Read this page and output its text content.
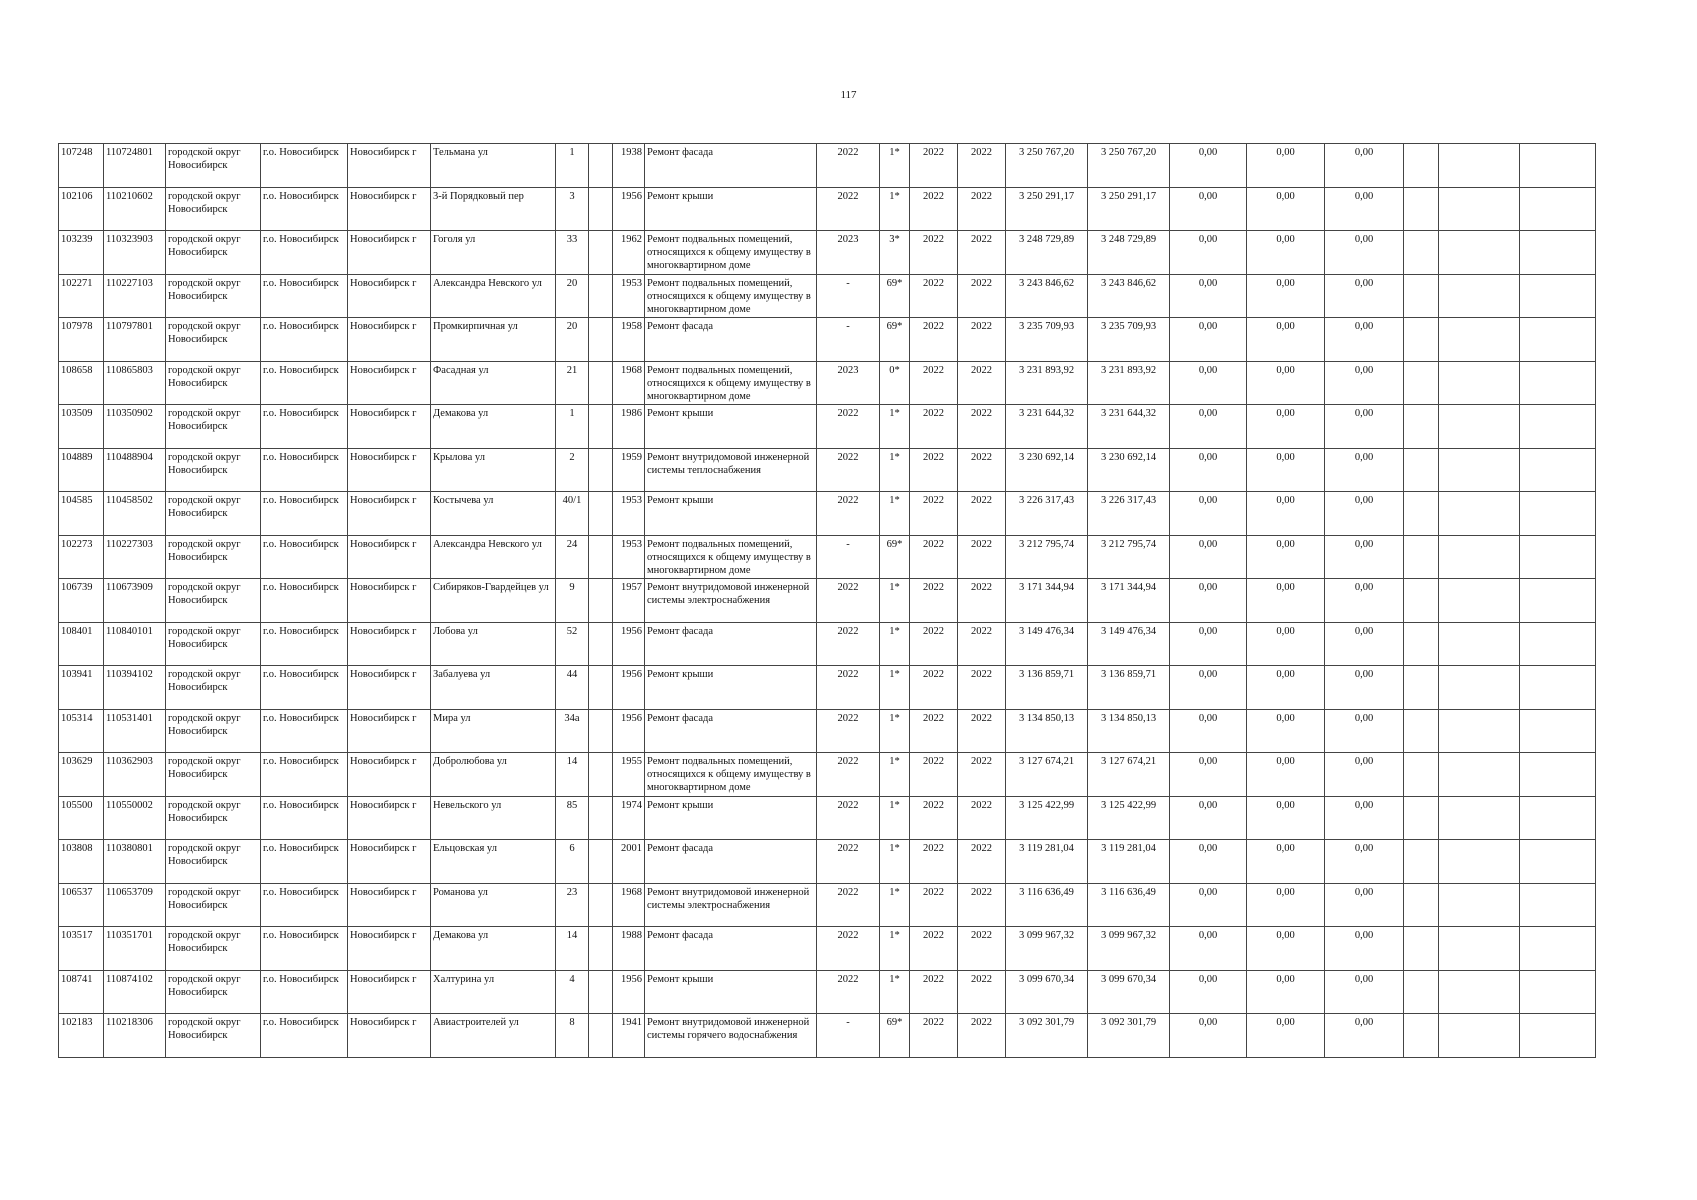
117
107248	110724801	городской округ Новосибирск	г.о. Новосибирск	Новосибирск г	Тельмана ул	1		1938	Ремонт фасада	2022	1*	2022	2022	3 250 767,20	3 250 767,20	0,00	0,00	0,00			
102106	110210602	городской округ Новосибирск	г.о. Новосибирск	Новосибирск г	3-й Порядковый пер	3		1956	Ремонт крыши	2022	1*	2022	2022	3 250 291,17	3 250 291,17	0,00	0,00	0,00			
103239	110323903	городской округ Новосибирск	г.о. Новосибирск	Новосибирск г	Гоголя ул	33		1962	Ремонт подвальных помещений, относящихся к общему имуществу в многоквартирном доме	2023	3*	2022	2022	3 248 729,89	3 248 729,89	0,00	0,00	0,00			
102271	110227103	городской округ Новосибирск	г.о. Новосибирск	Новосибирск г	Александра Невского ул	20		1953	Ремонт подвальных помещений, относящихся к общему имуществу в многоквартирном доме	-	69*	2022	2022	3 243 846,62	3 243 846,62	0,00	0,00	0,00			
107978	110797801	городской округ Новосибирск	г.о. Новосибирск	Новосибирск г	Промкирпичная ул	20		1958	Ремонт фасада	-	69*	2022	2022	3 235 709,93	3 235 709,93	0,00	0,00	0,00			
108658	110865803	городской округ Новосибирск	г.о. Новосибирск	Новосибирск г	Фасадная ул	21		1968	Ремонт подвальных помещений, относящихся к общему имуществу в многоквартирном доме	2023	0*	2022	2022	3 231 893,92	3 231 893,92	0,00	0,00	0,00			
103509	110350902	городской округ Новосибирск	г.о. Новосибирск	Новосибирск г	Демакова ул	1		1986	Ремонт крыши	2022	1*	2022	2022	3 231 644,32	3 231 644,32	0,00	0,00	0,00			
104889	110488904	городской округ Новосибирск	г.о. Новосибирск	Новосибирск г	Крылова ул	2		1959	Ремонт внутридомовой инженерной системы теплоснабжения	2022	1*	2022	2022	3 230 692,14	3 230 692,14	0,00	0,00	0,00			
104585	110458502	городской округ Новосибирск	г.о. Новосибирск	Новосибирск г	Костычева ул	40/1		1953	Ремонт крыши	2022	1*	2022	2022	3 226 317,43	3 226 317,43	0,00	0,00	0,00			
102273	110227303	городской округ Новосибирск	г.о. Новосибирск	Новосибирск г	Александра Невского ул	24		1953	Ремонт подвальных помещений, относящихся к общему имуществу в многоквартирном доме	-	69*	2022	2022	3 212 795,74	3 212 795,74	0,00	0,00	0,00			
106739	110673909	городской округ Новосибирск	г.о. Новосибирск	Новосибирск г	Сибиряков-Гвардейцев ул	9		1957	Ремонт внутридомовой инженерной системы электроснабжения	2022	1*	2022	2022	3 171 344,94	3 171 344,94	0,00	0,00	0,00			
108401	110840101	городской округ Новосибирск	г.о. Новосибирск	Новосибирск г	Лобова ул	52		1956	Ремонт фасада	2022	1*	2022	2022	3 149 476,34	3 149 476,34	0,00	0,00	0,00			
103941	110394102	городской округ Новосибирск	г.о. Новосибирск	Новосибирск г	Забалуева ул	44		1956	Ремонт крыши	2022	1*	2022	2022	3 136 859,71	3 136 859,71	0,00	0,00	0,00			
105314	110531401	городской округ Новосибирск	г.о. Новосибирск	Новосибирск г	Мира ул	34а		1956	Ремонт фасада	2022	1*	2022	2022	3 134 850,13	3 134 850,13	0,00	0,00	0,00			
103629	110362903	городской округ Новосибирск	г.о. Новосибирск	Новосибирск г	Добролюбова ул	14		1955	Ремонт подвальных помещений, относящихся к общему имуществу в многоквартирном доме	2022	1*	2022	2022	3 127 674,21	3 127 674,21	0,00	0,00	0,00			
105500	110550002	городской округ Новосибирск	г.о. Новосибирск	Новосибирск г	Невельского ул	85		1974	Ремонт крыши	2022	1*	2022	2022	3 125 422,99	3 125 422,99	0,00	0,00	0,00			
103808	110380801	городской округ Новосибирск	г.о. Новосибирск	Новосибирск г	Ельцовская ул	6		2001	Ремонт фасада	2022	1*	2022	2022	3 119 281,04	3 119 281,04	0,00	0,00	0,00			
106537	110653709	городской округ Новосибирск	г.о. Новосибирск	Новосибирск г	Романова ул	23		1968	Ремонт внутридомовой инженерной системы электроснабжения	2022	1*	2022	2022	3 116 636,49	3 116 636,49	0,00	0,00	0,00			
103517	110351701	городской округ Новосибирск	г.о. Новосибирск	Новосибирск г	Демакова ул	14		1988	Ремонт фасада	2022	1*	2022	2022	3 099 967,32	3 099 967,32	0,00	0,00	0,00			
108741	110874102	городской округ Новосибирск	г.о. Новосибирск	Новосибирск г	Халтурина ул	4		1956	Ремонт крыши	2022	1*	2022	2022	3 099 670,34	3 099 670,34	0,00	0,00	0,00			
102183	110218306	городской округ Новосибирск	г.о. Новосибирск	Новосибирск г	Авиастроителей ул	8		1941	Ремонт внутридомовой инженерной системы горячего водоснабжения	-	69*	2022	2022	3 092 301,79	3 092 301,79	0,00	0,00	0,00			
